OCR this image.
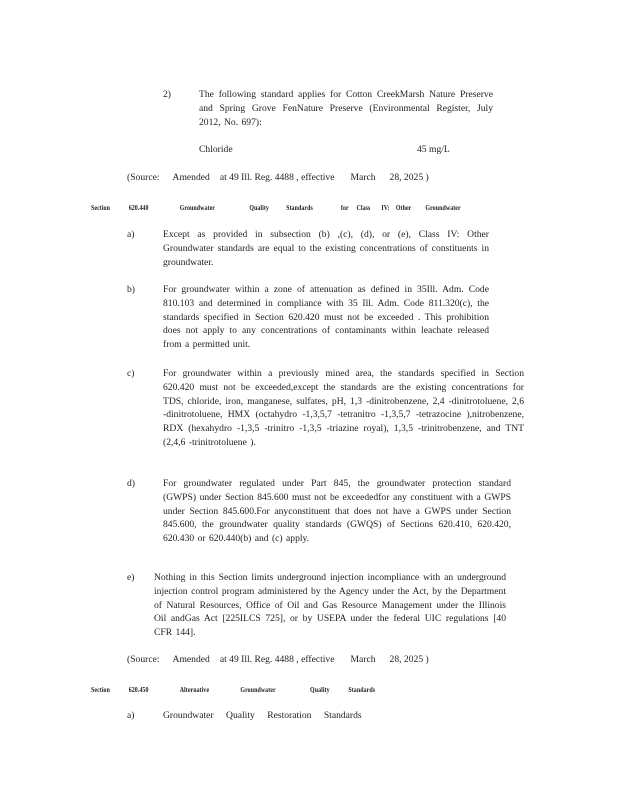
2)	The following standard applies for Cotton CreekMarsh Nature Preserve and Spring Grove FenNature Preserve (Environmental Register, July 2012, No. 697):
Chloride	45 mg/L
(Source: Amended at 49 Ill. Reg. 4488 , effective March 28, 2025 )
Section 620.440	Groundwater	Quality Standards	for Class IV: Other Groundwater
a)	Except as provided in subsection (b) ,(c), (d), or (e), Class IV: Other Groundwater standards are equal to the existing concentrations of constituents in groundwater.
b)	For groundwater within a zone of attenuation as defined in 35Ill. Adm. Code 810.103 and determined in compliance with 35 Ill. Adm. Code 811.320(c), the standards specified in Section 620.420 must not be exceeded . This prohibition does not apply to any concentrations of contaminants within leachate released from a permitted unit.
c)	For groundwater within a previously mined area, the standards specified in Section 620.420 must not be exceeded,except the standards are the existing concentrations for TDS, chloride, iron, manganese, sulfates, pH, 1,3 -dinitrobenzene, 2,4 -dinitrotoluene, 2,6 -dinitrotoluene, HMX (octahydro -1,3,5,7 -tetranitro -1,3,5,7 -tetrazocine ),nitrobenzene, RDX (hexahydro -1,3,5 -trinitro -1,3,5 -triazine royal), 1,3,5 -trinitrobenzene, and TNT (2,4,6 -trinitrotoluene ).
d)	For groundwater regulated under Part 845, the groundwater protection standard (GWPS) under Section 845.600 must not be exceededfor any constituent with a GWPS under Section 845.600.For anyconstituent that does not have a GWPS under Section 845.600, the groundwater quality standards (GWQS) of Sections 620.410, 620.420, 620.430 or 620.440(b) and (c) apply.
e) Nothing in this Section limits underground injection incompliance with an underground injection control program administered by the Agency under the Act, by the Department of Natural Resources, Office of Oil and Gas Resource Management under the Illinois Oil andGas Act [225ILCS 725], or by USEPA under the federal UIC regulations [40 CFR 144].
(Source: Amended at 49 Ill. Reg. 4488 , effective March 28, 2025 )
Section 620.450	Alternative	Groundwater	Quality Standards
a)	Groundwater Quality Restoration Standards
